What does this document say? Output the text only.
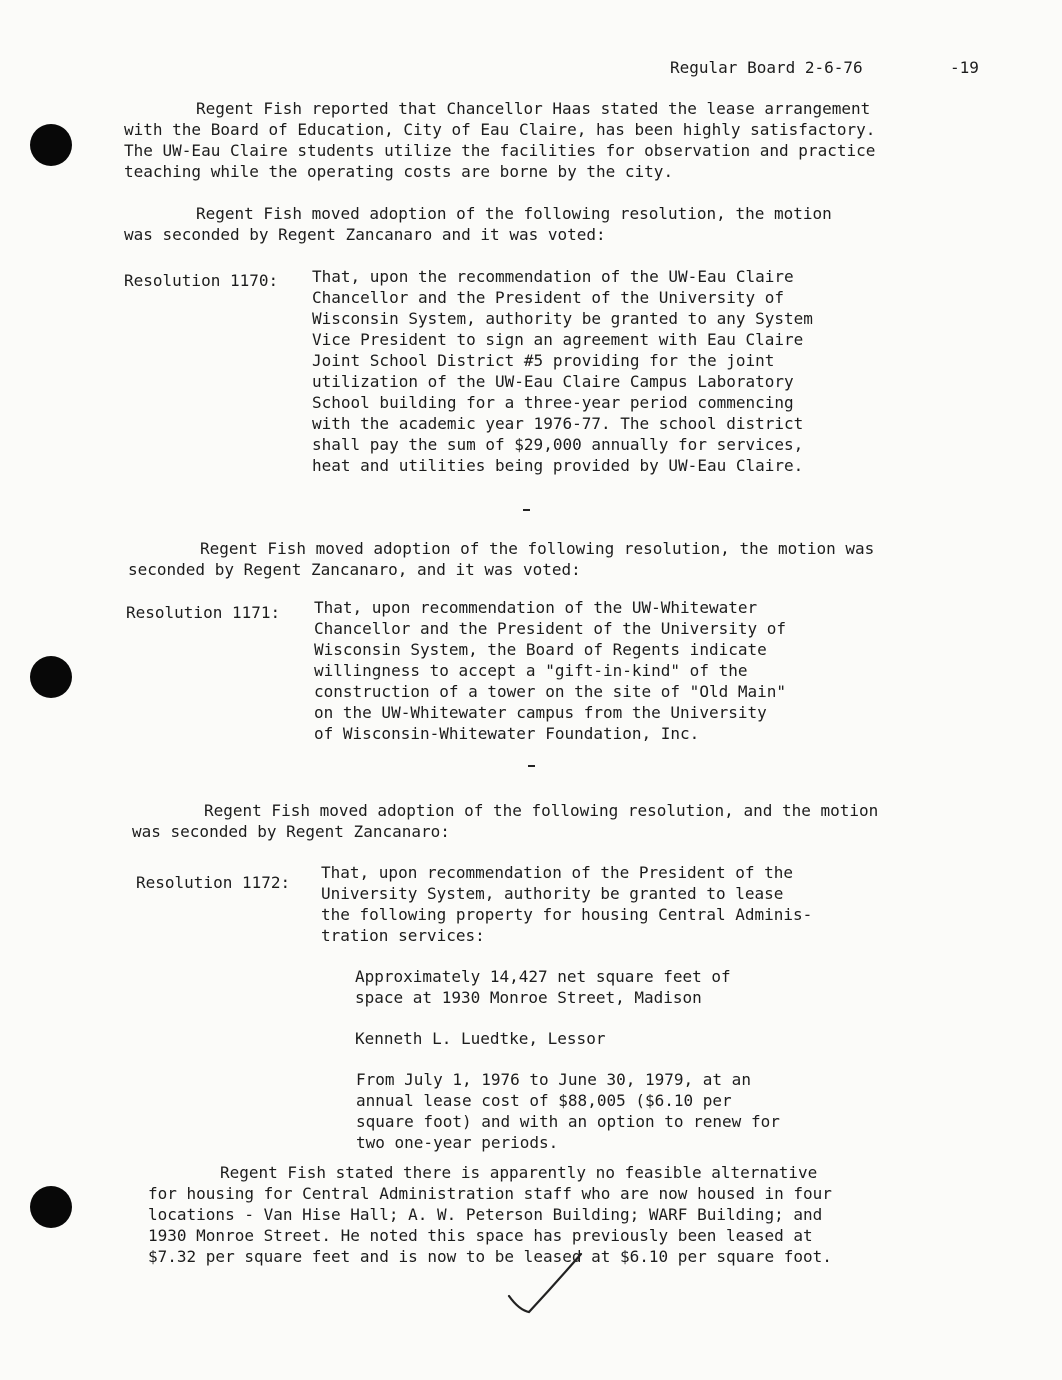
Regular Board 2-6-76	-19
Regent Fish reported that Chancellor Haas stated the lease arrangement
with the Board of Education, City of Eau Claire, has been highly satisfactory.
The UW-Eau Claire students utilize the facilities for observation and practice
teaching while the operating costs are borne by the city.
Regent Fish moved adoption of the following resolution, the motion
was seconded by Regent Zancanaro and it was voted:
Resolution 1170: That, upon the recommendation of the UW-Eau Claire
Chancellor and the President of the University of
Wisconsin System, authority be granted to any System
Vice President to sign an agreement with Eau Claire
Joint School District #5 providing for the joint
utilization of the UW-Eau Claire Campus Laboratory
School building for a three-year period commencing
with the academic year 1976-77. The school district
shall pay the sum of $29,000 annually for services,
heat and utilities being provided by UW-Eau Claire.
Regent Fish moved adoption of the following resolution, the motion was
seconded by Regent Zancanaro, and it was voted:
Resolution 1171: That, upon recommendation of the UW-Whitewater
Chancellor and the President of the University of
Wisconsin System, the Board of Regents indicate
willingness to accept a "gift-in-kind" of the
construction of a tower on the site of "Old Main"
on the UW-Whitewater campus from the University
of Wisconsin-Whitewater Foundation, Inc.
Regent Fish moved adoption of the following resolution, and the motion
was seconded by Regent Zancanaro:
Resolution 1172:
That, upon recommendation of the President of the
University System, authority be granted to lease
the following property for housing Central Adminis-
tration services:
Approximately 14,427 net square feet of
space at 1930 Monroe Street, Madison
Kenneth L. Luedtke, Lessor
From July 1, 1976 to June 30, 1979, at an
annual lease cost of $88,005 ($6.10 per
square foot) and with an option to renew for
two one-year periods.
Regent Fish stated there is apparently no feasible alternative
for housing for Central Administration staff who are now housed in four
locations - Van Hise Hall; A. W. Peterson Building; WARF Building; and
1930 Monroe Street. He noted this space has previously been leased at
$7.32 per square feet and is now to be leased at $6.10 per square foot.
